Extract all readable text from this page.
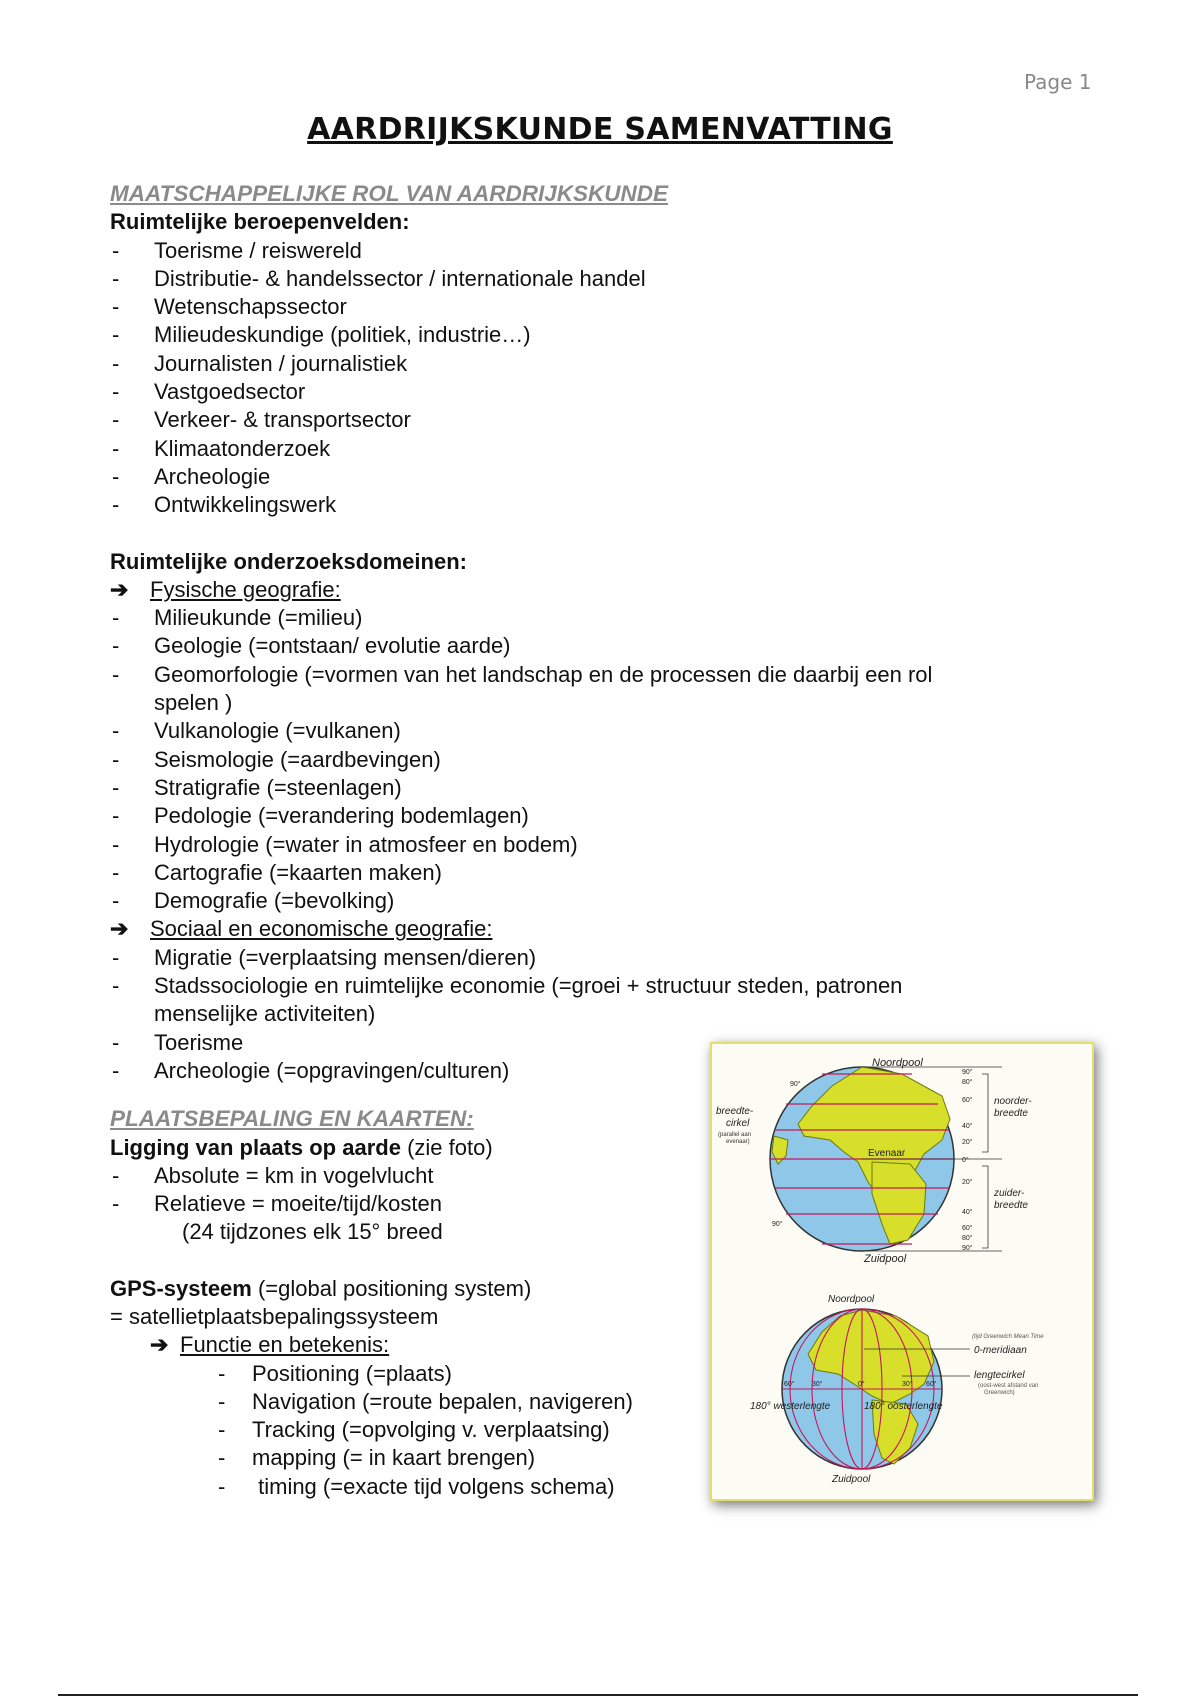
Page 1
AARDRIJKSKUNDE SAMENVATTING
MAATSCHAPPELIJKE ROL VAN AARDRIJKSKUNDE
Ruimtelijke beroepenvelden:
-	Toerisme / reiswereld
-	Distributie- & handelssector / internationale handel
-	Wetenschapssector
-	Milieudeskundige (politiek, industrie…)
-	Journalisten / journalistiek
-	Vastgoedsector
-	Verkeer- & transportsector
-	Klimaatonderzoek
-	Archeologie
-	Ontwikkelingswerk
Ruimtelijke onderzoeksdomeinen:
➔ Fysische geografie:
-	Milieukunde (=milieu)
-	Geologie (=ontstaan/ evolutie aarde)
-	Geomorfologie (=vormen van het landschap en de processen die daarbij een rol
spelen )
-	Vulkanologie (=vulkanen)
-	Seismologie (=aardbevingen)
-	Stratigrafie (=steenlagen)
-	Pedologie (=verandering bodemlagen)
-	Hydrologie (=water in atmosfeer en bodem)
-	Cartografie (=kaarten maken)
-	Demografie (=bevolking)
➔ Sociaal en economische geografie:
-	Migratie (=verplaatsing mensen/dieren)
-	Stadssociologie en ruimtelijke economie (=groei + structuur steden, patronen
menselijke activiteiten)
-	Toerisme
-	Archeologie (=opgravingen/culturen)
PLAATSBEPALING EN KAARTEN:
Ligging van plaats op aarde (zie foto)
-	Absolute = km in vogelvlucht
-	Relatieve = moeite/tijd/kosten
(24 tijdzones elk 15° breed
GPS-systeem (=global positioning system)
= satellietplaatsbepalingssysteem
➔ Functie en betekenis:
-	Positioning (=plaats)
-	Navigation (=route bepalen, navigeren)
-	Tracking (=opvolging v. verplaatsing)
-	mapping (= in kaart brengen)
-	timing (=exacte tijd volgens schema)
Noordpool
Zuidpool
breedte-
cirkel
(parallel aan
evenaar)
Evenaar
90°
90°
90°
80°
60°
40°
20°
0°
20°
40°
60°
80°
90°
noorder-
breedte
zuider-
breedte
Noordpool
Zuidpool
(tijd Greenwich Mean Time
0-meridiaan
lengtecirkel
(oost-west afstand van
Greenwich)
60° 30°	0°	30° 60°
180° westerlengte	180° oosterlengte
